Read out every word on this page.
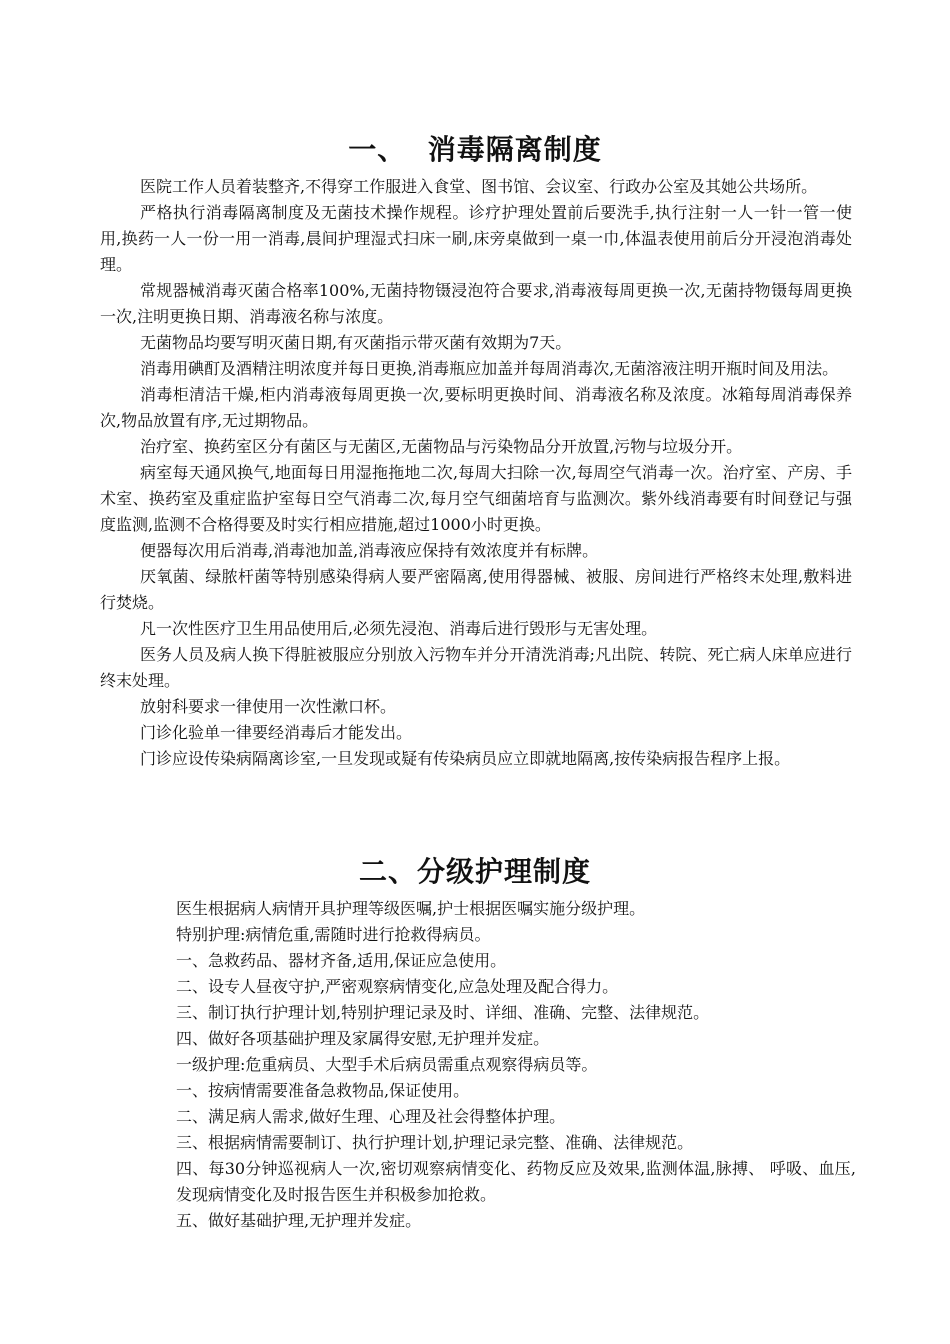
一、  消毒隔离制度

医院工作人员着装整齐,不得穿工作服进入食堂、图书馆、会议室、行政办公室及其她公共场所。

严格执行消毒隔离制度及无菌技术操作规程。诊疗护理处置前后要洗手,执行注射一人一针一管一使用,换药一人一份一用一消毒,晨间护理湿式扫床一刷,床旁桌做到一桌一巾,体温表使用前后分开浸泡消毒处理。

常规器械消毒灭菌合格率100%,无菌持物镊浸泡符合要求,消毒液每周更换一次,无菌持物镊每周更换一次,注明更换日期、消毒液名称与浓度。

无菌物品均要写明灭菌日期,有灭菌指示带灭菌有效期为7天。

消毒用碘酊及酒精注明浓度并每日更换,消毒瓶应加盖并每周消毒次,无菌溶液注明开瓶时间及用法。

消毒柜清洁干燥,柜内消毒液每周更换一次,要标明更换时间、消毒液名称及浓度。冰箱每周消毒保养次,物品放置有序,无过期物品。

治疗室、换药室区分有菌区与无菌区,无菌物品与污染物品分开放置,污物与垃圾分开。

病室每天通风换气,地面每日用湿拖拖地二次,每周大扫除一次,每周空气消毒一次。治疗室、产房、手术室、换药室及重症监护室每日空气消毒二次,每月空气细菌培育与监测次。紫外线消毒要有时间登记与强度监测,监测不合格得要及时实行相应措施,超过1000小时更换。

便器每次用后消毒,消毒池加盖,消毒液应保持有效浓度并有标牌。

厌氧菌、绿脓杆菌等特别感染得病人要严密隔离,使用得器械、被服、房间进行严格终末处理,敷料进行焚烧。

凡一次性医疗卫生用品使用后,必须先浸泡、消毒后进行毁形与无害处理。

医务人员及病人换下得脏被服应分别放入污物车并分开清洗消毒;凡出院、转院、死亡病人床单应进行终末处理。

放射科要求一律使用一次性漱口杯。

门诊化验单一律要经消毒后才能发出。

门诊应设传染病隔离诊室,一旦发现或疑有传染病员应立即就地隔离,按传染病报告程序上报。

二、分级护理制度

医生根据病人病情开具护理等级医嘱,护士根据医嘱实施分级护理。

特别护理:病情危重,需随时进行抢救得病员。

一、急救药品、器材齐备,适用,保证应急使用。

二、设专人昼夜守护,严密观察病情变化,应急处理及配合得力。

三、制订执行护理计划,特别护理记录及时、详细、准确、完整、法律规范。

四、做好各项基础护理及家属得安慰,无护理并发症。

一级护理:危重病员、大型手术后病员需重点观察得病员等。

一、按病情需要准备急救物品,保证使用。

二、满足病人需求,做好生理、心理及社会得整体护理。

三、根据病情需要制订、执行护理计划,护理记录完整、准确、法律规范。

四、每30分钟巡视病人一次,密切观察病情变化、药物反应及效果,监测体温,脉搏、 呼吸、血压,发现病情变化及时报告医生并积极参加抢救。

五、做好基础护理,无护理并发症。
